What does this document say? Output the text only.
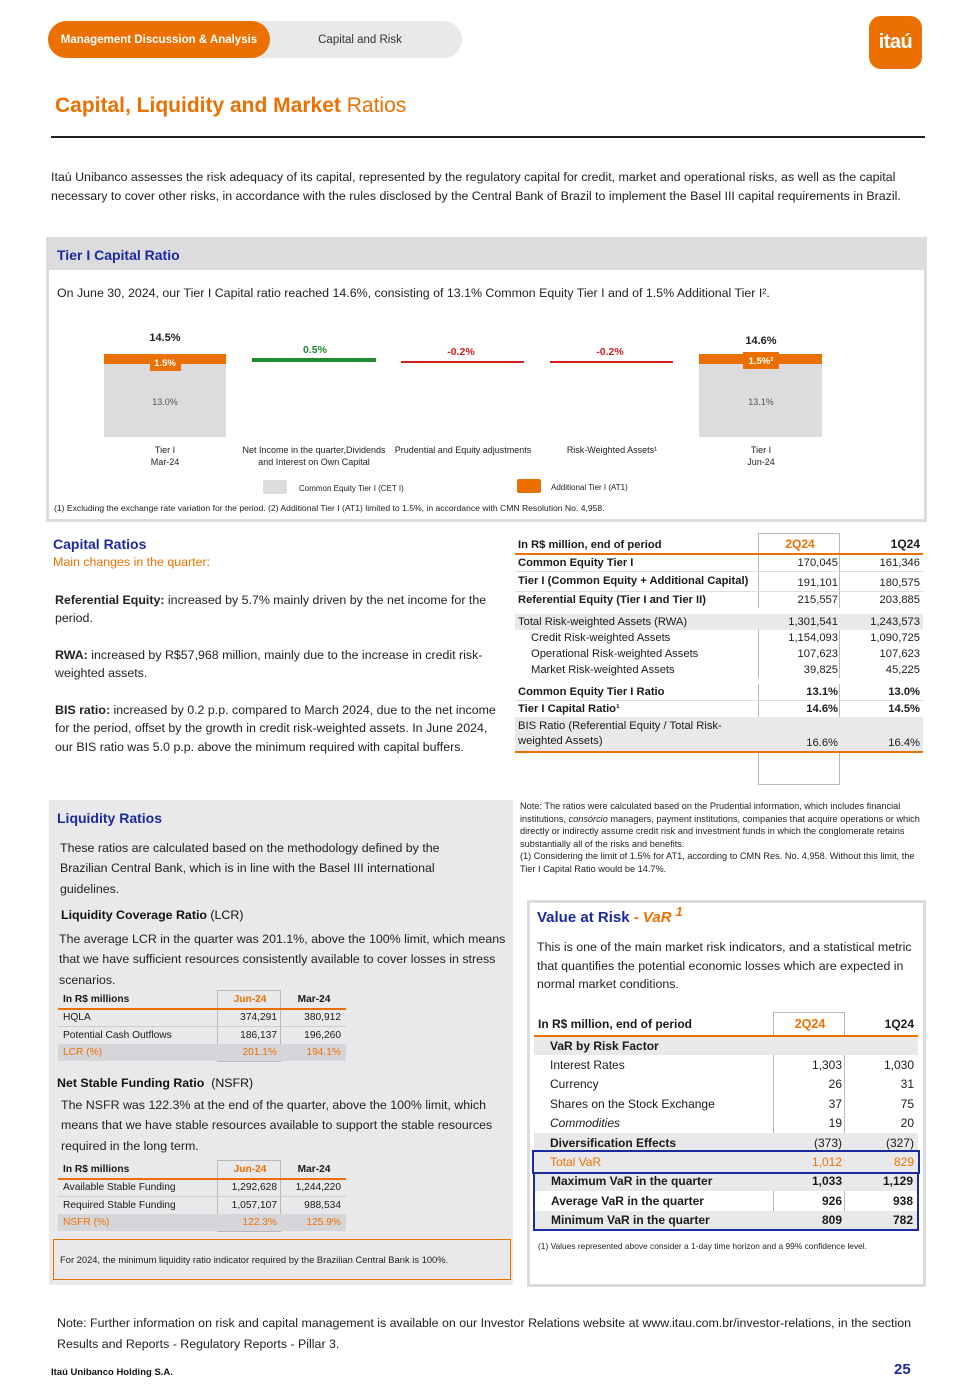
Management Discussion & Analysis	Capital and Risk	itaú
Capital, Liquidity and Market Ratios
Itaú Unibanco assesses the risk adequacy of its capital, represented by the regulatory capital for credit, market and operational risks, as well as the capital necessary to cover other risks, in accordance with the rules disclosed by the Central Bank of Brazil to implement the Basel III capital requirements in Brazil.
Tier I Capital Ratio
On June 30, 2024, our Tier I Capital ratio reached 14.6%, consisting of 13.1% Common Equity Tier I and of 1.5% Additional Tier I².
14.5%
1.5%
13.0%
0.5%	-0.2%	-0.2%
14.6%
1.5%²
13.1%
Tier I
Mar-24
Net Income in the quarter,Dividends
and Interest on Own Capital
Prudential and Equity adjustments	Risk-Weighted Assets¹	Tier I
Jun-24
Common Equity Tier I (CET I)	Additional Tier I (AT1)
(1) Excluding the exchange rate variation for the period. (2) Additional Tier I (AT1) limited to 1.5%, in accordance with CMN Resolution No. 4,958.
Capital Ratios
Main changes in the quarter:
Referential Equity: increased by 5.7% mainly driven by the net income for the period.
RWA: increased by R$57,968 million, mainly due to the increase in credit risk-weighted assets.
BIS ratio: increased by 0.2 p.p. compared to March 2024, due to the net income for the period, offset by the growth in credit risk-weighted assets. In June 2024, our BIS ratio was 5.0 p.p. above the minimum required with capital buffers.
In R$ million, end of period	2Q24	1Q24
Common Equity Tier I	170,045	161,346
Tier I (Common Equity + Additional Capital)	191,101	180,575
Referential Equity (Tier I and Tier II)	215,557	203,885
Total Risk-weighted Assets (RWA)	1,301,541	1,243,573
Credit Risk-weighted Assets	1,154,093	1,090,725
Operational Risk-weighted Assets	107,623	107,623
Market Risk-weighted Assets	39,825	45,225
Common Equity Tier I Ratio	13.1%	13.0%
Tier I Capital Ratio¹	14.6%	14.5%
BIS Ratio (Referential Equity / Total Risk-weighted Assets)	16.6%	16.4%
Note: The ratios were calculated based on the Prudential information, which includes financial institutions, consórcio managers, payment institutions, companies that acquire operations or which directly or indirectly assume credit risk and investment funds in which the conglomerate retains substantially all of the risks and benefits.
(1) Considering the limit of 1.5% for AT1, according to CMN Res. No. 4,958. Without this limit, the Tier I Capital Ratio would be 14.7%.
Liquidity Ratios
These ratios are calculated based on the methodology defined by the Brazilian Central Bank, which is in line with the Basel III international guidelines.
Liquidity Coverage Ratio (LCR)
The average LCR in the quarter was 201.1%, above the 100% limit, which means that we have sufficient resources consistently available to cover losses in stress scenarios.
In R$ millions	Jun-24	Mar-24
HQLA	374,291	380,912
Potential Cash Outflows	186,137	196,260
LCR (%)	201.1%	194.1%
Net Stable Funding Ratio (NSFR)
The NSFR was 122.3% at the end of the quarter, above the 100% limit, which means that we have stable resources available to support the stable resources required in the long term.
In R$ millions	Jun-24	Mar-24
Available Stable Funding	1,292,628	1,244,220
Required Stable Funding	1,057,107	988,534
NSFR (%)	122.3%	125.9%
For 2024, the minimum liquidity ratio indicator required by the Brazilian Central Bank is 100%.
Value at Risk - VaR $^1$
This is one of the main market risk indicators, and a statistical metric that quantifies the potential economic losses which are expected in normal market conditions.
In R$ million, end of period	2Q24	1Q24
VaR by Risk Factor		
Interest Rates	1,303	1,030
Currency	26	31
Shares on the Stock Exchange	37	75
Commodities	19	20
Diversification Effects	(373)	(327)
Total VaR	1,012	829
Maximum VaR in the quarter	1,033	1,129
Average VaR in the quarter	926	938
Minimum VaR in the quarter	809	782
(1) Values represented above consider a 1-day time horizon and a 99% confidence level.
Note: Further information on risk and capital management is available on our Investor Relations website at www.itau.com.br/investor-relations, in the section Results and Reports - Regulatory Reports - Pillar 3.
Itaú Unibanco Holding S.A.	25
